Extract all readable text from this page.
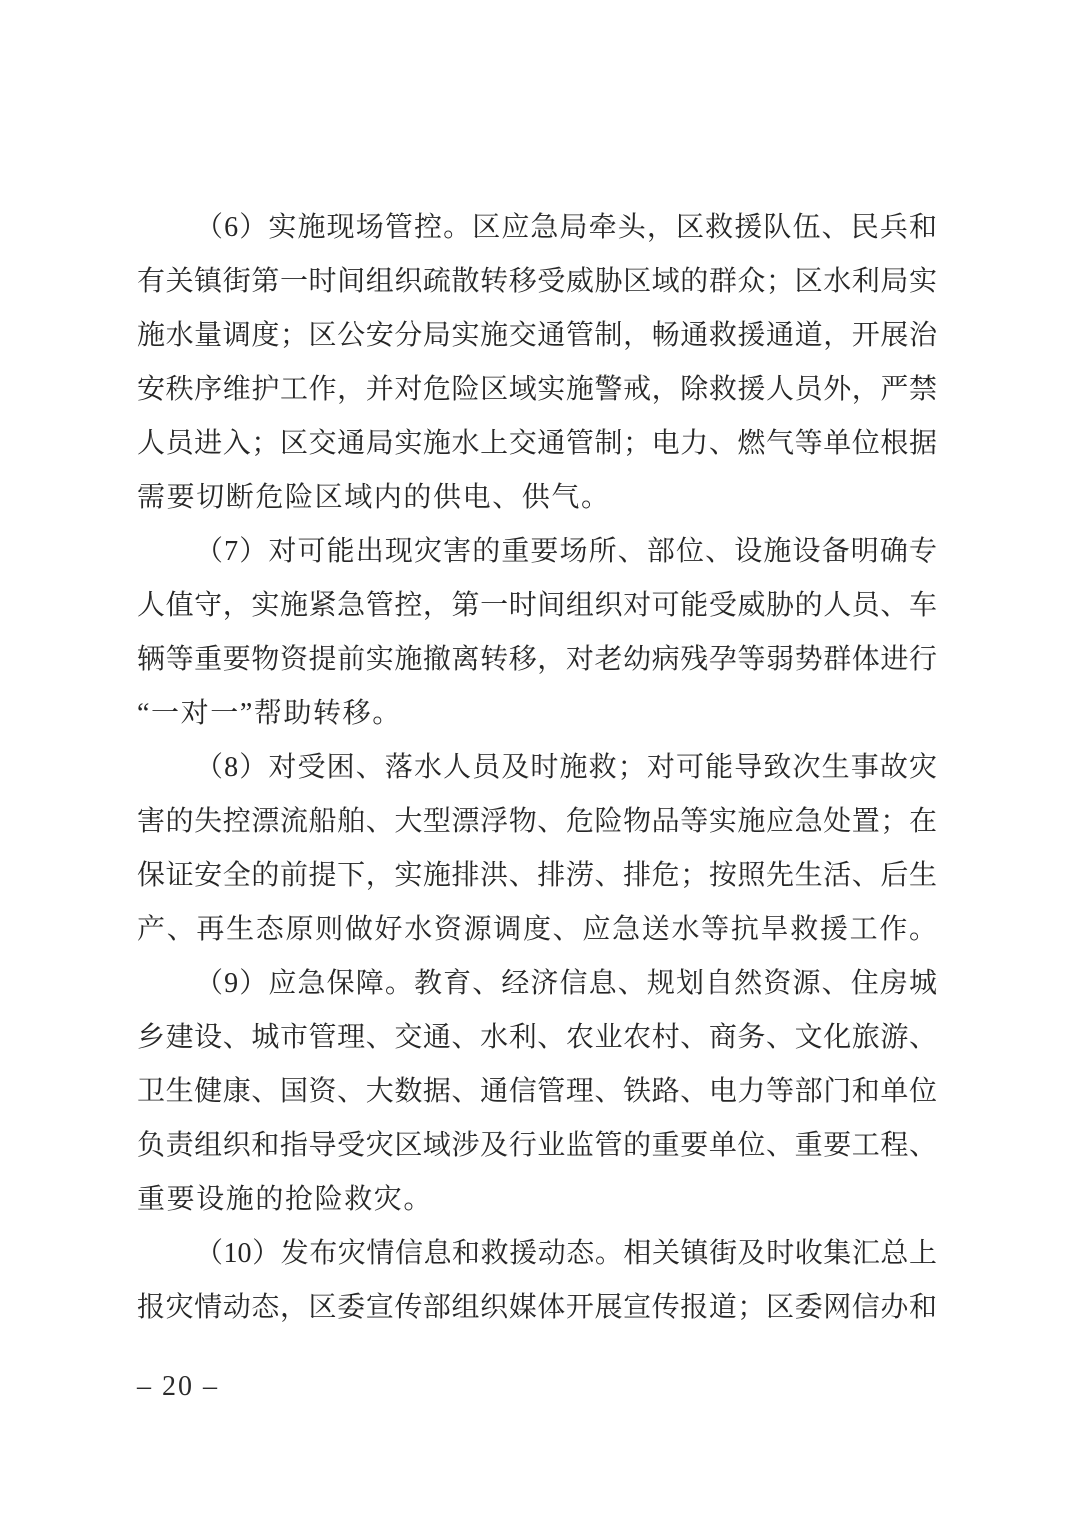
（6）实施现场管控。区应急局牵头，区救援队伍、民兵和
有关镇街第一时间组织疏散转移受威胁区域的群众；区水利局实
施水量调度；区公安分局实施交通管制，畅通救援通道，开展治
安秩序维护工作，并对危险区域实施警戒，除救援人员外，严禁
人员进入；区交通局实施水上交通管制；电力、燃气等单位根据
需要切断危险区域内的供电、供气。
（7）对可能出现灾害的重要场所、部位、设施设备明确专
人值守，实施紧急管控，第一时间组织对可能受威胁的人员、车
辆等重要物资提前实施撤离转移，对老幼病残孕等弱势群体进行
“一对一”帮助转移。
（8）对受困、落水人员及时施救；对可能导致次生事故灾
害的失控漂流船舶、大型漂浮物、危险物品等实施应急处置；在
保证安全的前提下，实施排洪、排涝、排危；按照先生活、后生
产、再生态原则做好水资源调度、应急送水等抗旱救援工作。
（9）应急保障。教育、经济信息、规划自然资源、住房城
乡建设、城市管理、交通、水利、农业农村、商务、文化旅游、
卫生健康、国资、大数据、通信管理、铁路、电力等部门和单位
负责组织和指导受灾区域涉及行业监管的重要单位、重要工程、
重要设施的抢险救灾。
（10）发布灾情信息和救援动态。相关镇街及时收集汇总上
报灾情动态，区委宣传部组织媒体开展宣传报道；区委网信办和
– 20 –
